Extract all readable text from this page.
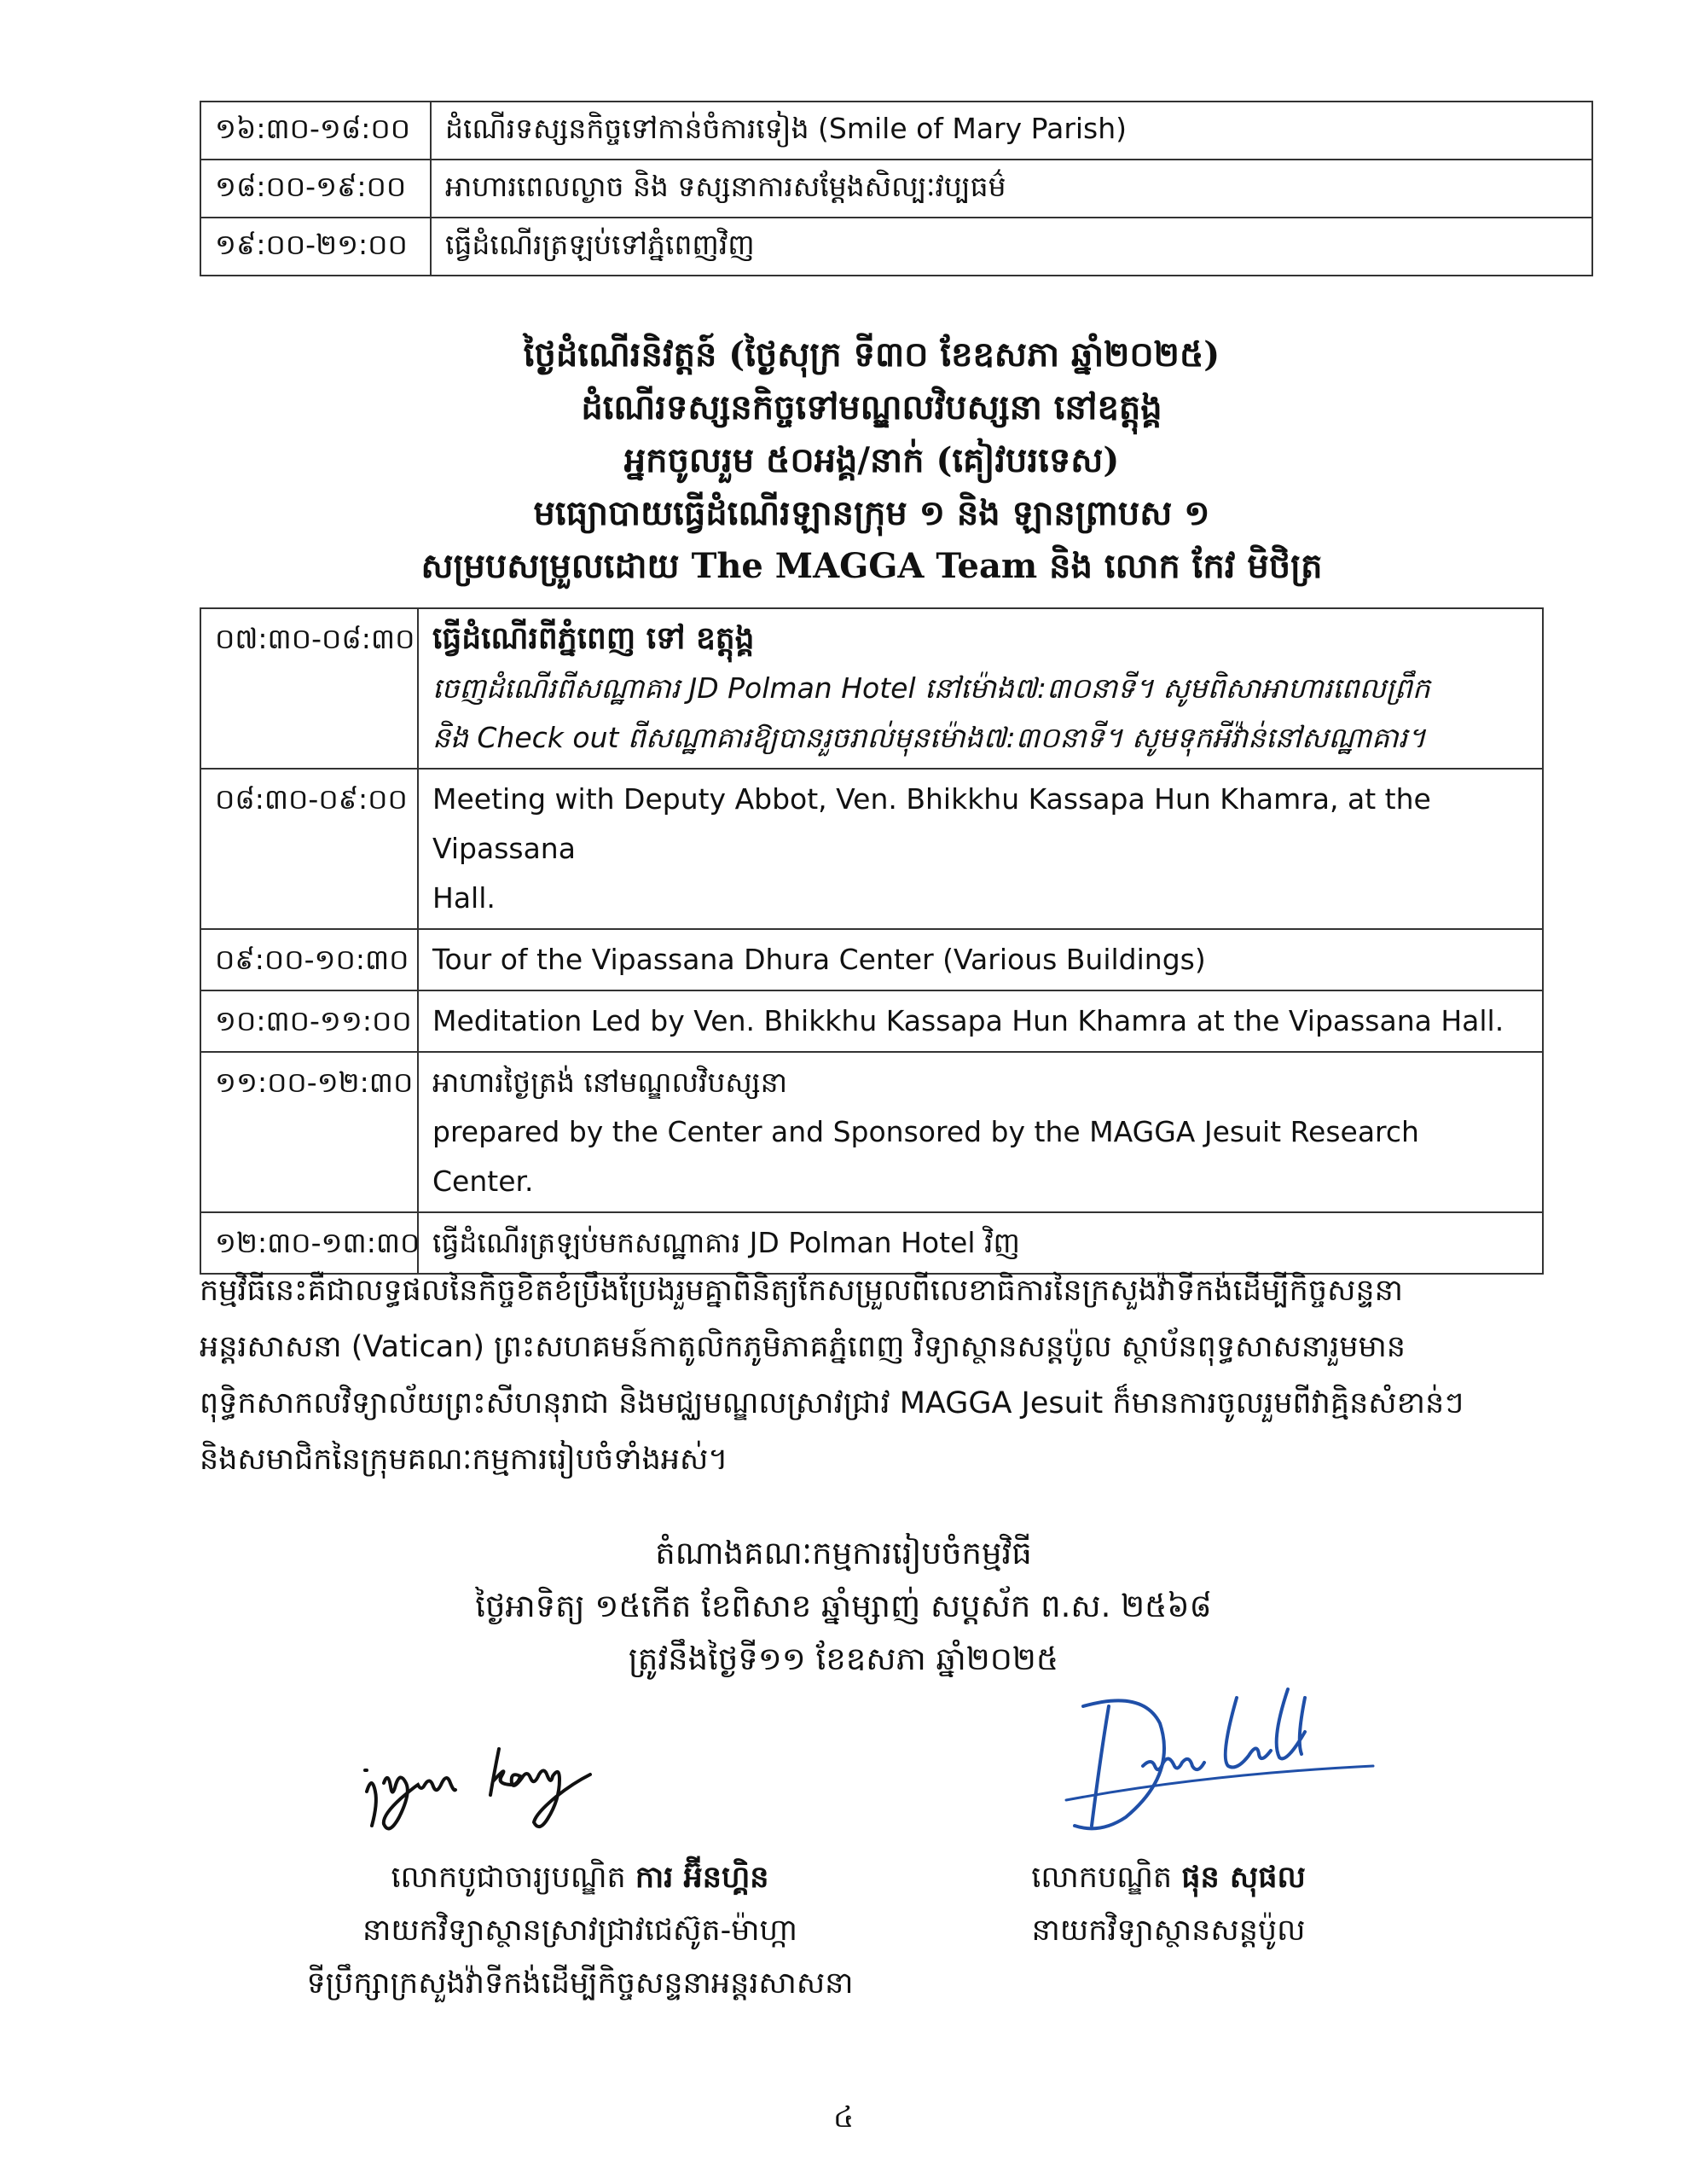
១៦:៣០-១៨:០០	ដំណើរទស្សនកិច្ចទៅកាន់ចំការទៀង (Smile of Mary Parish)
១៨:០០-១៩:០០	អាហារពេលល្ងាច និង ទស្សនាការសម្តែងសិល្បៈវប្បធម៌
១៩:០០-២១:០០	ធ្វើដំណើរត្រឡប់ទៅភ្នំពេញវិញ
ថ្ងៃដំណើរនិវត្តន៍ (ថ្ងៃសុក្រ ទី៣០ ខែឧសភា ឆ្នាំ២០២៥)
ដំណើរទស្សនកិច្ចទៅមណ្ឌលវិបស្សនា នៅឧត្តុង្គ
អ្នកចូលរួម ៥០អង្គ/នាក់ (គៀវបរទេស)
មធ្យោបាយធ្វើដំណើរឡានក្រុម ១ និង ឡានព្រាបស ១
សម្របសម្រួលដោយ The MAGGA Team និង លោក កែវ មិថិត្រ
០៧:៣០-០៨:៣០	ធ្វើដំណើរពីភ្នំពេញ ទៅ ឧត្តុង្គ
ចេញដំណើរពីសណ្ឋាគារ JD Polman Hotel នៅម៉ោង៧:៣០នាទី។ សូមពិសាអាហារពេលព្រឹក
និង Check out ពីសណ្ឋាគារឱ្យបានរួចរាល់មុនម៉ោង៧:៣០នាទី។ សូមទុកអីវ៉ាន់នៅសណ្ឋាគារ។

០៨:៣០-០៩:០០	Meeting with Deputy Abbot, Ven. Bhikkhu Kassapa Hun Khamra, at the Vipassana
Hall.

០៩:០០-១០:៣០	Tour of the Vipassana Dhura Center (Various Buildings)

១០:៣០-១១:០០	Meditation Led by Ven. Bhikkhu Kassapa Hun Khamra at the Vipassana Hall.

១១:០០-១២:៣០	អាហារថ្ងៃត្រង់ នៅមណ្ឌលវិបស្សនា
prepared by the Center and Sponsored by the MAGGA Jesuit Research Center.

១២:៣០-១៣:៣០	ធ្វើដំណើរត្រឡប់មកសណ្ឋាគារ JD Polman Hotel វិញ
កម្មវិធីនេះគឺជាលទ្ធផលនៃកិច្ចខិតខំប្រឹងប្រែងរួមគ្នាពិនិត្យកែសម្រួលពីលេខាធិការនៃក្រសួងវ៉ាទីកង់ដើម្បីកិច្ចសន្ទនា
អន្តរសាសនា (Vatican) ព្រះសហគមន៍កាតូលិកភូមិភាគភ្នំពេញ វិទ្យាស្ថានសន្តប៉ូល ស្ថាប័នពុទ្ធសាសនារួមមាន
ពុទ្ធិកសាកលវិទ្យាល័យព្រះសីហនុរាជា និងមជ្ឈមណ្ឌលស្រាវជ្រាវ MAGGA Jesuit ក៏មានការចូលរួមពីវាគ្មិនសំខាន់ៗ
និងសមាជិកនៃក្រុមគណៈកម្មការរៀបចំទាំងអស់។
តំណាងគណៈកម្មការរៀបចំកម្មវិធី
ថ្ងៃអាទិត្យ ១៥កើត ខែពិសាខ ឆ្នាំម្សាញ់ សប្តស័ក ព.ស. ២៥៦៨
ត្រូវនឹងថ្ងៃទី១១ ខែឧសភា ឆ្នាំ២០២៥
លោកបូជាចារ្យបណ្ឌិត ការ អ៊ីនហ្គិន
នាយកវិទ្យាស្ថានស្រាវជ្រាវជេស៊ូត-ម៉ាហ្កា
ទីប្រឹក្សាក្រសួងវ៉ាទីកង់ដើម្បីកិច្ចសន្ទនាអន្តរសាសនា
លោកបណ្ឌិត ផុន សុផល
នាយកវិទ្យាស្ថានសន្តប៉ូល
៤
